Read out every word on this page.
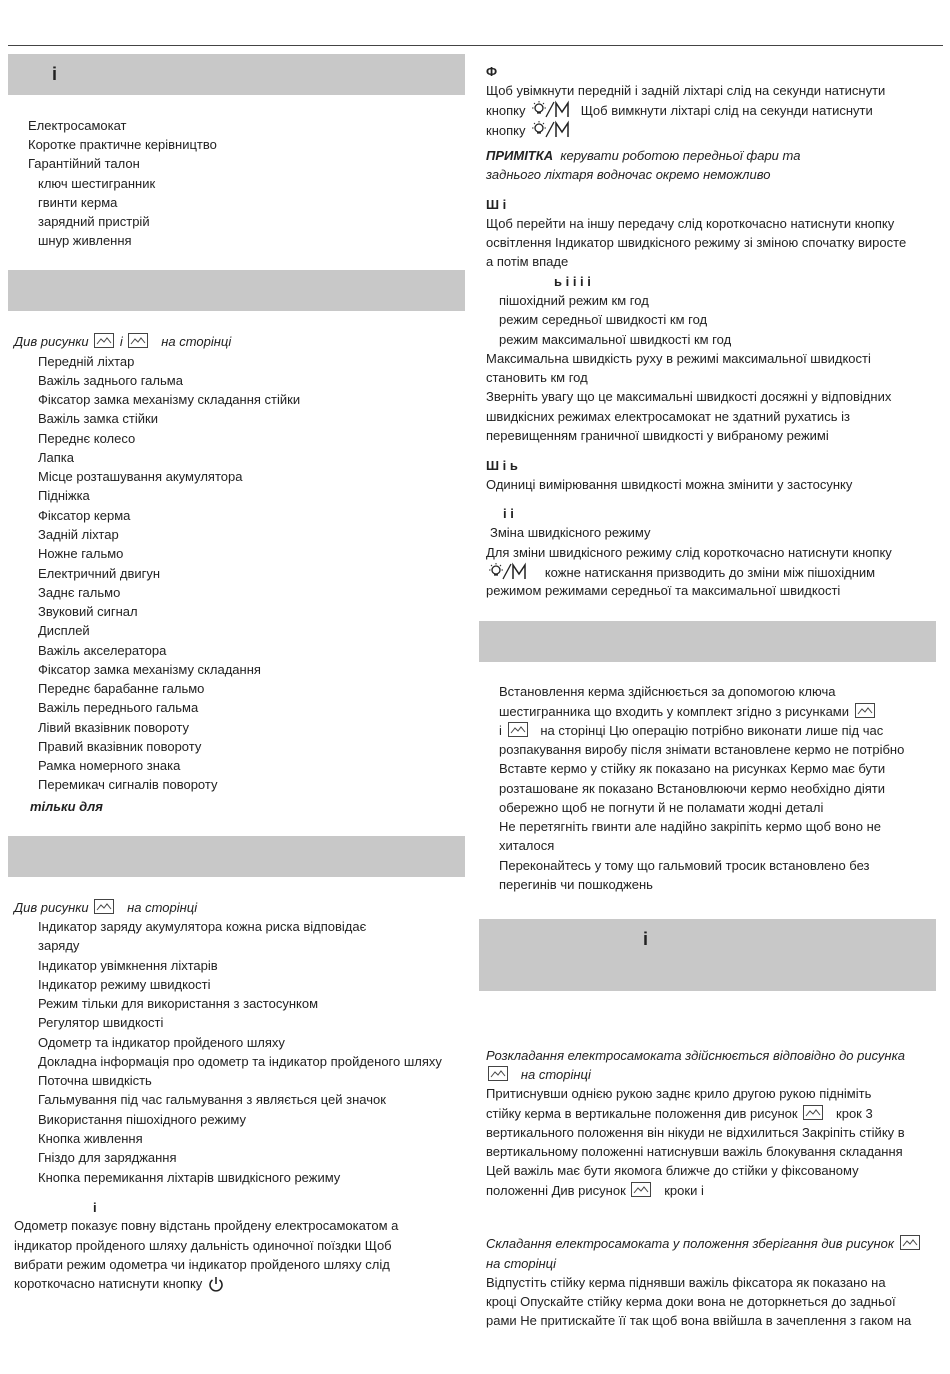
і
Електросамокат
Коротке практичне керівництво
Гарантійний талон
ключ шестигранник
гвинти керма
зарядний пристрій
шнур живлення
Див рисунки і	на сторінці
Передній ліхтар
Важіль заднього гальма
Фіксатор замка механізму складання стійки
Важіль замка стійки
Переднє колесо
Лапка
Місце розташування акумулятора
Підніжка
Фіксатор керма
Задній ліхтар
Ножне гальмо
Електричний двигун
Заднє гальмо
Звуковий сигнал
Дисплей
Важіль акселератора
Фіксатор замка механізму складання
Переднє барабанне гальмо
Важіль переднього гальма
Лівий вказівник повороту
Правий вказівник повороту
Рамка номерного знака
Перемикач сигналів повороту
тільки для
Див рисунки	на сторінці
Індикатор заряду акумулятора кожна риска відповідає
заряду
Індикатор увімкнення ліхтарів
Індикатор режиму швидкості
Режим тільки для використання з застосунком
Регулятор швидкості
Одометр та індикатор пройденого шляху
Докладна інформація про одометр та індикатор пройденого шляху
Поточна швидкість
Гальмування під час гальмування з являється цей значок
Використання пішохідного режиму
Кнопка живлення
Гніздо для заряджання
Кнопка перемикання ліхтарів швидкісного режиму
і
Одометр показує повну відстань пройдену електросамокатом а
індикатор пройденого шляху дальність одиночної поїздки Щоб
вибрати режим одометра чи індикатор пройденого шляху слід
короткочасно натиснути кнопку
Ф
Щоб увімкнути передній і задній ліхтарі слід на секунди натиснути
кнопку	Щоб вимкнути ліхтарі слід на секунди натиснути
кнопку
ПРИМІТКА керувати роботою передньої фари та
заднього ліхтаря водночас окремо неможливо
Ш і
Щоб перейти на іншу передачу слід короткочасно натиснути кнопку
освітлення Індикатор швидкісного режиму зі зміною спочатку виросте
а потім впаде
ь і і і і
пішохідний режим км год
режим середньої швидкості км год
режим максимальної швидкості км год
Максимальна швидкість руху в режимі максимальної швидкості
становить км год
Зверніть увагу що це максимальні швидкості досяжні у відповідних
швидкісних режимах електросамокат не здатний рухатись із
перевищенням граничної швидкості у вибраному режимі
Ш і ь
Одиниці вимірювання швидкості можна змінити у застосунку
і і
Зміна швидкісного режиму
Для зміни швидкісного режиму слід короткочасно натиснути кнопку
кожне натискання призводить до зміни між пішохідним
режимом режимами середньої та максимальної швидкості
Встановлення керма здійснюється за допомогою ключа
шестигранника що входить у комплект згідно з рисунками
і	на сторінці Цю операцію потрібно виконати лише під час
розпакування виробу після знімати встановлене кермо не потрібно
Вставте кермо у стійку як показано на рисунках Кермо має бути
розташоване як показано Встановлюючи кермо необхідно діяти
обережно щоб не погнути й не поламати жодні деталі
Не перетягніть гвинти але надійно закріпіть кермо щоб воно не
хиталося
Переконайтесь у тому що гальмовий тросик встановлено без
перегинів чи пошкоджень
і
Розкладання електросамоката здійснюється відповідно до рисунка
на сторінці
Притиснувши однією рукою заднє крило другою рукою підніміть
стійку керма в вертикальне положення див рисунок	крок 3
вертикального положення він нікуди не відхилиться Закріпіть стійку в
вертикальному положенні натиснувши важіль блокування складання
Цей важіль має бути якомога ближче до стійки у фіксованому
положенні Див рисунок	кроки і
Складання електросамоката у положення зберігання див рисунок
на сторінці
Відпустіть стійку керма піднявши важіль фіксатора як показано на
кроці Опускайте стійку керма доки вона не доторкнеться до задньої
рами Не притискайте її так щоб вона ввійшла в зачеплення з гаком на
